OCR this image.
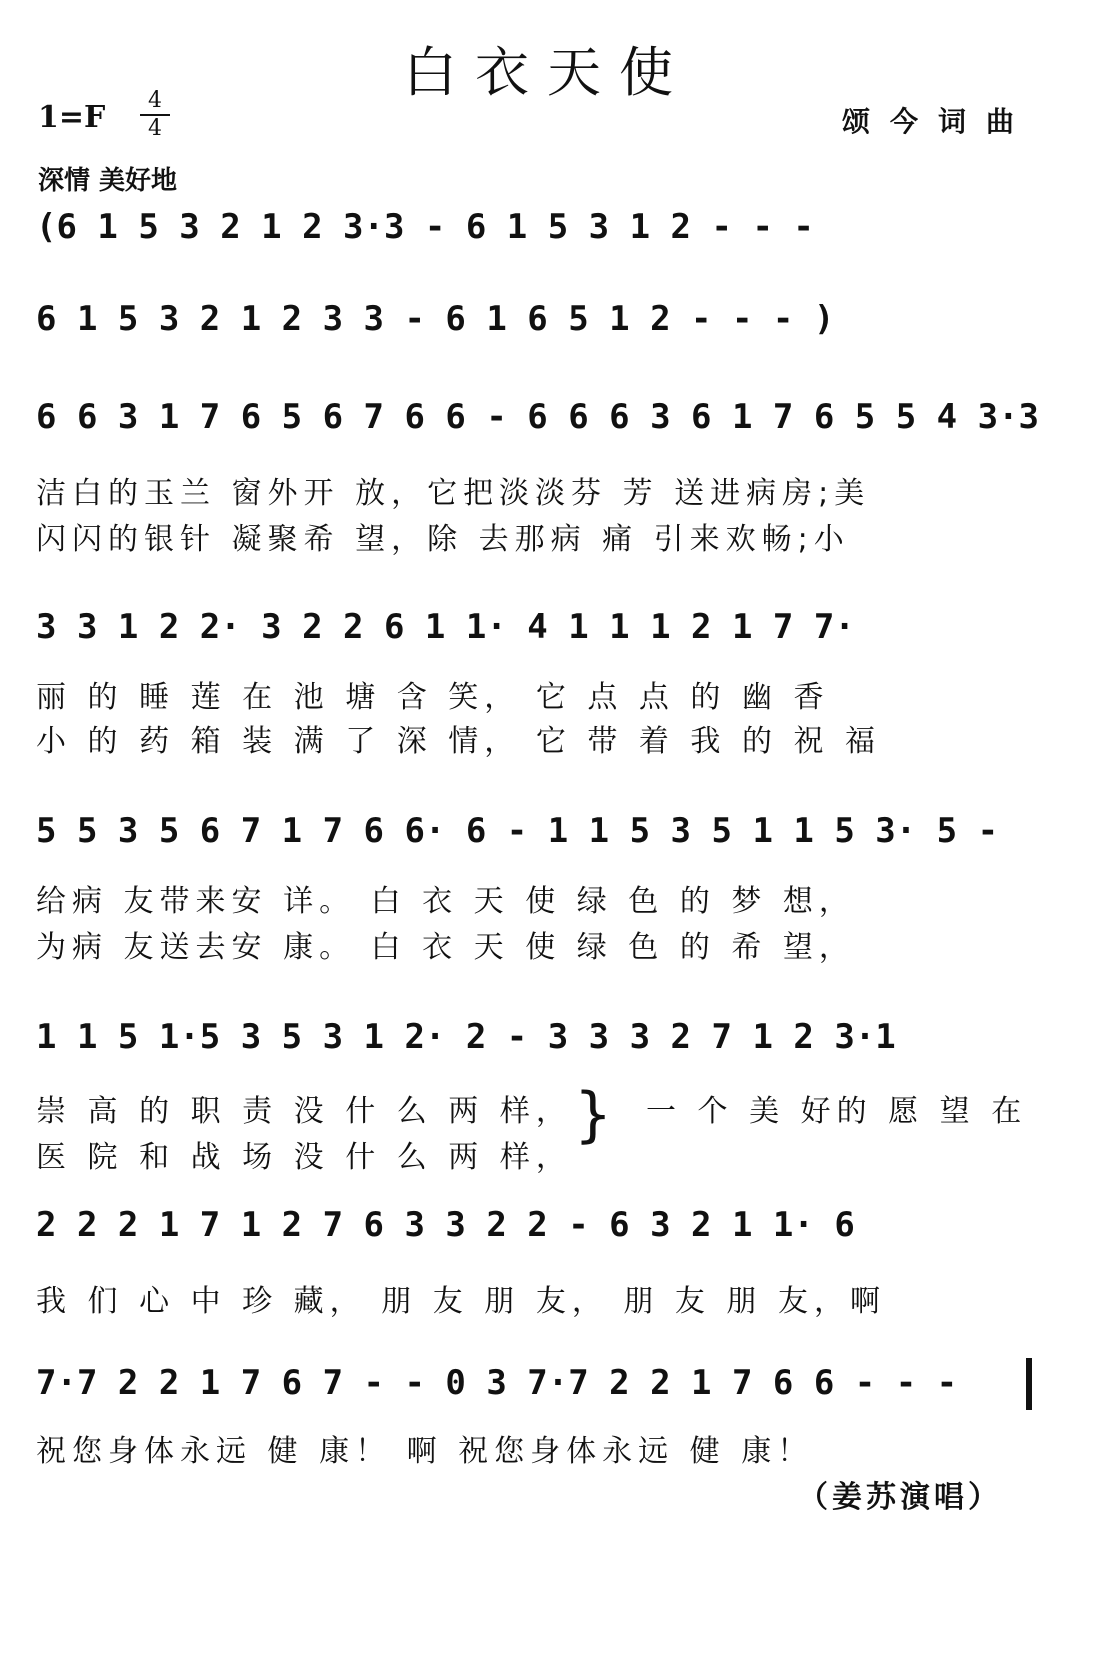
白衣天使
1=F	4
4	颂今词曲
深情 美好地
(6 1 5 3 2 1 2 3·3 - 6 1 5 3 1 2 - - -
6 1 5 3 2 1 2 3 3 - 6 1 6 5 1 2 - - - )
6 6 3 1 7 6 5 6 7 6 6 - 6 6 6 3 6 1 7 6 5 5 4 3·3
洁白的玉兰 窗外开 放，它把淡淡芬 芳 送进病房;美
闪闪的银针 凝聚希 望，除 去那病 痛 引来欢畅;小
3 3 1 2 2· 3 2 2 6 1 1· 4 1 1 1 2 1 7 7·
丽 的 睡 莲 在 池 塘 含 笑， 它 点 点 的 幽 香
小 的 药 箱 装 满 了 深 情， 它 带 着 我 的 祝 福
5 5 3 5 6 7 1 7 6 6· 6 - 1 1 5 3 5 1 1 5 3· 5 -
给病 友带来安 详。 白 衣 天 使 绿 色 的 梦 想，
为病 友送去安 康。 白 衣 天 使 绿 色 的 希 望，
1 1 5 1·5 3 5 3 1 2· 2 - 3 3 3 2 7 1 2 3·1
崇 高 的 职 责 没 什 么 两 样，
医 院 和 战 场 没 什 么 两 样，
} 一 个 美 好的 愿 望 在
2 2 2 1 7 1 2 7 6 3 3 2 2 - 6 3 2 1 1· 6
我 们 心 中 珍 藏， 朋 友 朋 友， 朋 友 朋 友，啊
7·7 2 2 1 7 6 7 - - 0 3 7·7 2 2 1 7 6 6 - - -
祝您身体永远 健 康！ 啊 祝您身体永远 健 康！
（姜苏演唱）
